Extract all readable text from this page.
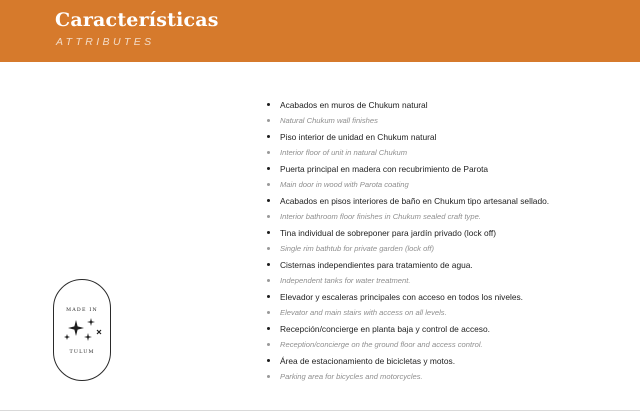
Características
ATTRIBUTES
Acabados en muros de Chukum natural
Natural Chukum wall finishes
Piso interior de unidad en Chukum natural
Interior floor of unit in natural Chukum
Puerta principal en madera con recubrimiento de Parota
Main door in wood with Parota coating
Acabados en pisos interiores de baño en Chukum tipo artesanal sellado.
Interior bathroom floor finishes in Chukum sealed craft type.
Tina individual de sobreponer para jardín privado (lock off)
Single rim bathtub for private garden (lock off)
Cisternas independientes para tratamiento de agua.
Independent tanks for water treatment.
Elevador y escaleras principales con acceso en todos los niveles.
Elevator and main stairs with access on all levels.
Recepción/concierge en planta baja y control de acceso.
Reception/concierge on the ground floor and access control.
Área de estacionamiento de bicicletas y motos.
Parking area for bicycles and motorcycles.
MADE IN
TULUM
